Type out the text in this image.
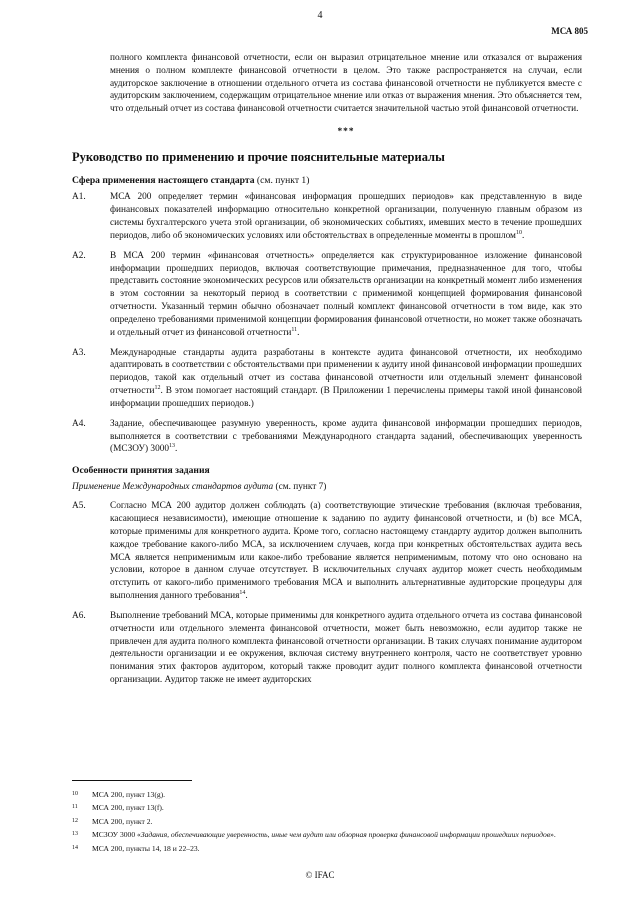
4
МСА 805

полного комплекта финансовой отчетности, если он выразил отрицательное мнение или отказался от выражения мнения о полном комплекте финансовой отчетности в целом. Это также распространяется на случаи, если аудиторское заключение в отношении отдельного отчета из состава финансовой отчетности не публикуется вместе с аудиторским заключением, содержащим отрицательное мнение или отказ от выражения мнения. Это объясняется тем, что отдельный отчет из состава финансовой отчетности считается значительной частью этой финансовой отчетности.

***
Руководство по применению и прочие пояснительные материалы
Сфера применения настоящего стандарта (см. пункт 1)
A1.	МСА 200 определяет термин «финансовая информация прошедших периодов» как представленную в виде финансовых показателей информацию относительно конкретной организации, полученную главным образом из системы бухгалтерского учета этой организации, об экономических событиях, имевших место в течение прошедших периодов, либо об экономических условиях или обстоятельствах в определенные моменты в прошлом$^{10}$.
A2.	В МСА 200 термин «финансовая отчетность» определяется как структурированное изложение финансовой информации прошедших периодов, включая соответствующие примечания, предназначенное для того, чтобы представить состояние экономических ресурсов или обязательств организации на конкретный момент либо изменения в этом состоянии за некоторый период в соответствии с применимой концепцией формирования финансовой отчетности. Указанный термин обычно обозначает полный комплект финансовой отчетности в том виде, как это определено требованиями применимой концепции формирования финансовой отчетности, но может также обозначать и отдельный отчет из финансовой отчетности$^{11}$.
A3.	Международные стандарты аудита разработаны в контексте аудита финансовой отчетности, их необходимо адаптировать в соответствии с обстоятельствами при применении к аудиту иной финансовой информации прошедших периодов, такой как отдельный отчет из состава финансовой отчетности или отдельный элемент финансовой отчетности$^{12}$. В этом помогает настоящий стандарт. (В Приложении 1 перечислены примеры такой иной финансовой информации прошедших периодов.)
A4.	Задание, обеспечивающее разумную уверенность, кроме аудита финансовой информации прошедших периодов, выполняется в соответствии с требованиями Международного стандарта заданий, обеспечивающих уверенность (МСЗОУ) 3000$^{13}$.
Особенности принятия задания
Применение Международных стандартов аудита (см. пункт 7)
A5.	Согласно МСА 200 аудитор должен соблюдать (a) соответствующие этические требования (включая требования, касающиеся независимости), имеющие отношение к заданию по аудиту финансовой отчетности, и (b) все МСА, которые применимы для конкретного аудита. Кроме того, согласно настоящему стандарту аудитор должен выполнить каждое требование какого-либо МСА, за исключением случаев, когда при конкретных обстоятельствах аудита весь МСА является неприменимым или какое-либо требование является неприменимым, потому что оно основано на условии, которое в данном случае отсутствует. В исключительных случаях аудитор может счесть необходимым отступить от какого-либо применимого требования МСА и выполнить альтернативные аудиторские процедуры для выполнения данного требования$^{14}$.
A6.	Выполнение требований МСА, которые применимы для конкретного аудита отдельного отчета из состава финансовой отчетности или отдельного элемента финансовой отчетности, может быть невозможно, если аудитор также не привлечен для аудита полного комплекта финансовой отчетности организации. В таких случаях понимание аудитором деятельности организации и ее окружения, включая систему внутреннего контроля, часто не соответствует уровню понимания этих факторов аудитором, который также проводит аудит полного комплекта финансовой отчетности организации. Аудитор также не имеет аудиторских
10	МСА 200, пункт 13(g).
11	МСА 200, пункт 13(f).
12	МСА 200, пункт 2.
13	МСЗОУ 3000 «Задания, обеспечивающие уверенность, иные чем аудит или обзорная проверка финансовой информации прошедших периодов».
14	МСА 200, пункты 14, 18 и 22–23.
© IFAC
